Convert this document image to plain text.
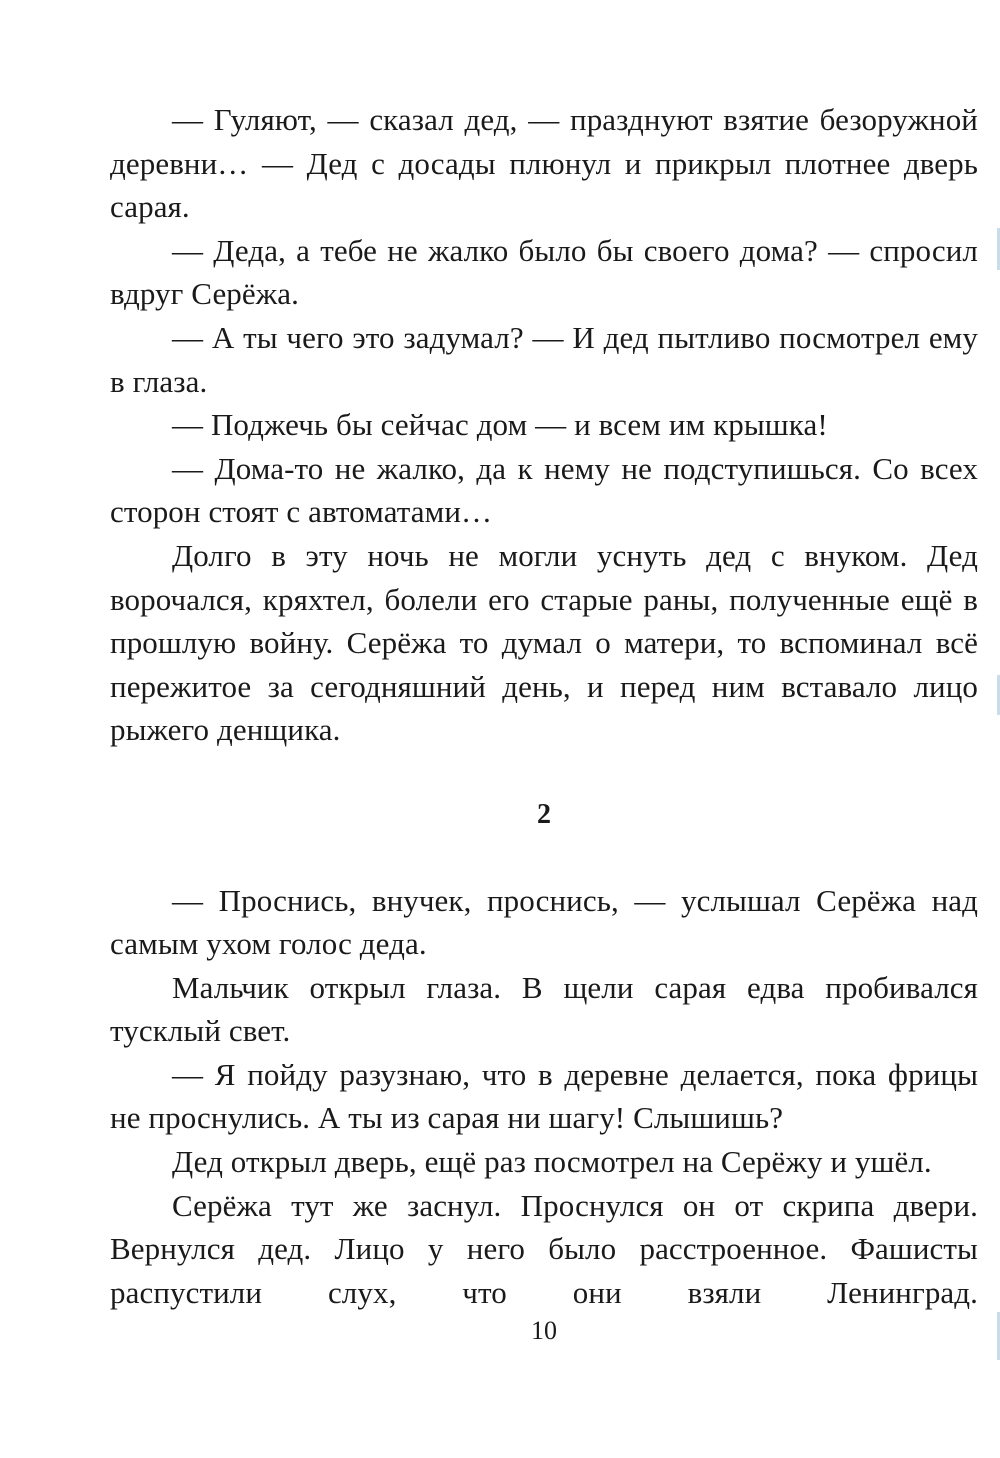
— Гуляют, — сказал дед, — празднуют взятие безоружной деревни… — Дед с досады плюнул и прикрыл плотнее дверь сарая.

— Деда, а тебе не жалко было бы своего дома? — спросил вдруг Серёжа.

— А ты чего это задумал? — И дед пытливо посмотрел ему в глаза.

— Поджечь бы сейчас дом — и всем им крышка!

— Дома-то не жалко, да к нему не подступишься. Со всех сторон стоят с автоматами…

Долго в эту ночь не могли уснуть дед с внуком. Дед ворочался, кряхтел, болели его старые раны, полученные ещё в прошлую войну. Серёжа то думал о матери, то вспоминал всё пережитое за сегодняшний день, и перед ним вставало лицо рыжего денщика.

2

— Проснись, внучек, проснись, — услышал Серёжа над самым ухом голос деда.

Мальчик открыл глаза. В щели сарая едва пробивался тусклый свет.

— Я пойду разузнаю, что в деревне делается, пока фрицы не проснулись. А ты из сарая ни шагу! Слышишь?

Дед открыл дверь, ещё раз посмотрел на Серёжу и ушёл.

Серёжа тут же заснул. Проснулся он от скрипа двери. Вернулся дед. Лицо у него было расстроенное. Фашисты распустили слух, что они взяли Ленинград.

10
